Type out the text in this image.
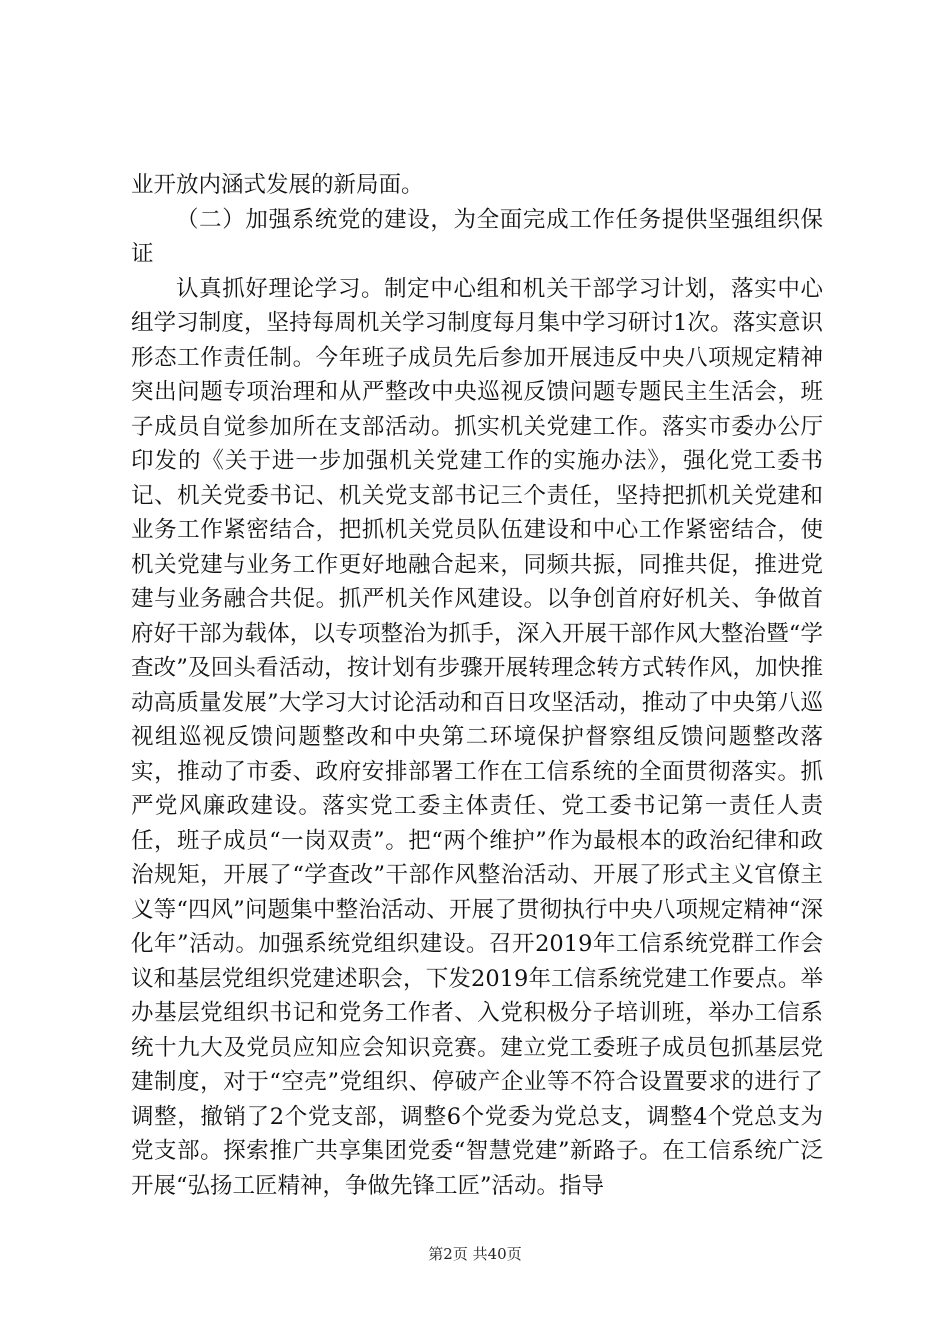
业开放内涵式发展的新局面。

（二）加强系统党的建设，为全面完成工作任务提供坚强组织保证

认真抓好理论学习。制定中心组和机关干部学习计划，落实中心组学习制度，坚持每周机关学习制度每月集中学习研讨1次。落实意识形态工作责任制。今年班子成员先后参加开展违反中央八项规定精神突出问题专项治理和从严整改中央巡视反馈问题专题民主生活会，班子成员自觉参加所在支部活动。抓实机关党建工作。落实市委办公厅印发的《关于进一步加强机关党建工作的实施办法》，强化党工委书记、机关党委书记、机关党支部书记三个责任，坚持把抓机关党建和业务工作紧密结合，把抓机关党员队伍建设和中心工作紧密结合，使机关党建与业务工作更好地融合起来，同频共振，同推共促，推进党建与业务融合共促。抓严机关作风建设。以争创首府好机关、争做首府好干部为载体，以专项整治为抓手，深入开展干部作风大整治暨“学查改”及回头看活动，按计划有步骤开展转理念转方式转作风，加快推动高质量发展”大学习大讨论活动和百日攻坚活动，推动了中央第八巡视组巡视反馈问题整改和中央第二环境保护督察组反馈问题整改落实，推动了市委、政府安排部署工作在工信系统的全面贯彻落实。抓严党风廉政建设。落实党工委主体责任、党工委书记第一责任人责任，班子成员“一岗双责”。把“两个维护”作为最根本的政治纪律和政治规矩，开展了“学查改”干部作风整治活动、开展了形式主义官僚主义等“四风”问题集中整治活动、开展了贯彻执行中央八项规定精神“深化年”活动。加强系统党组织建设。召开2019年工信系统党群工作会议和基层党组织党建述职会，下发2019年工信系统党建工作要点。举办基层党组织书记和党务工作者、入党积极分子培训班，举办工信系统十九大及党员应知应会知识竞赛。建立党工委班子成员包抓基层党建制度，对于“空壳”党组织、停破产企业等不符合设置要求的进行了调整，撤销了2个党支部，调整6个党委为党总支，调整4个党总支为党支部。探索推广共享集团党委“智慧党建”新路子。在工信系统广泛开展“弘扬工匠精神，争做先锋工匠”活动。指导

第2页 共40页
